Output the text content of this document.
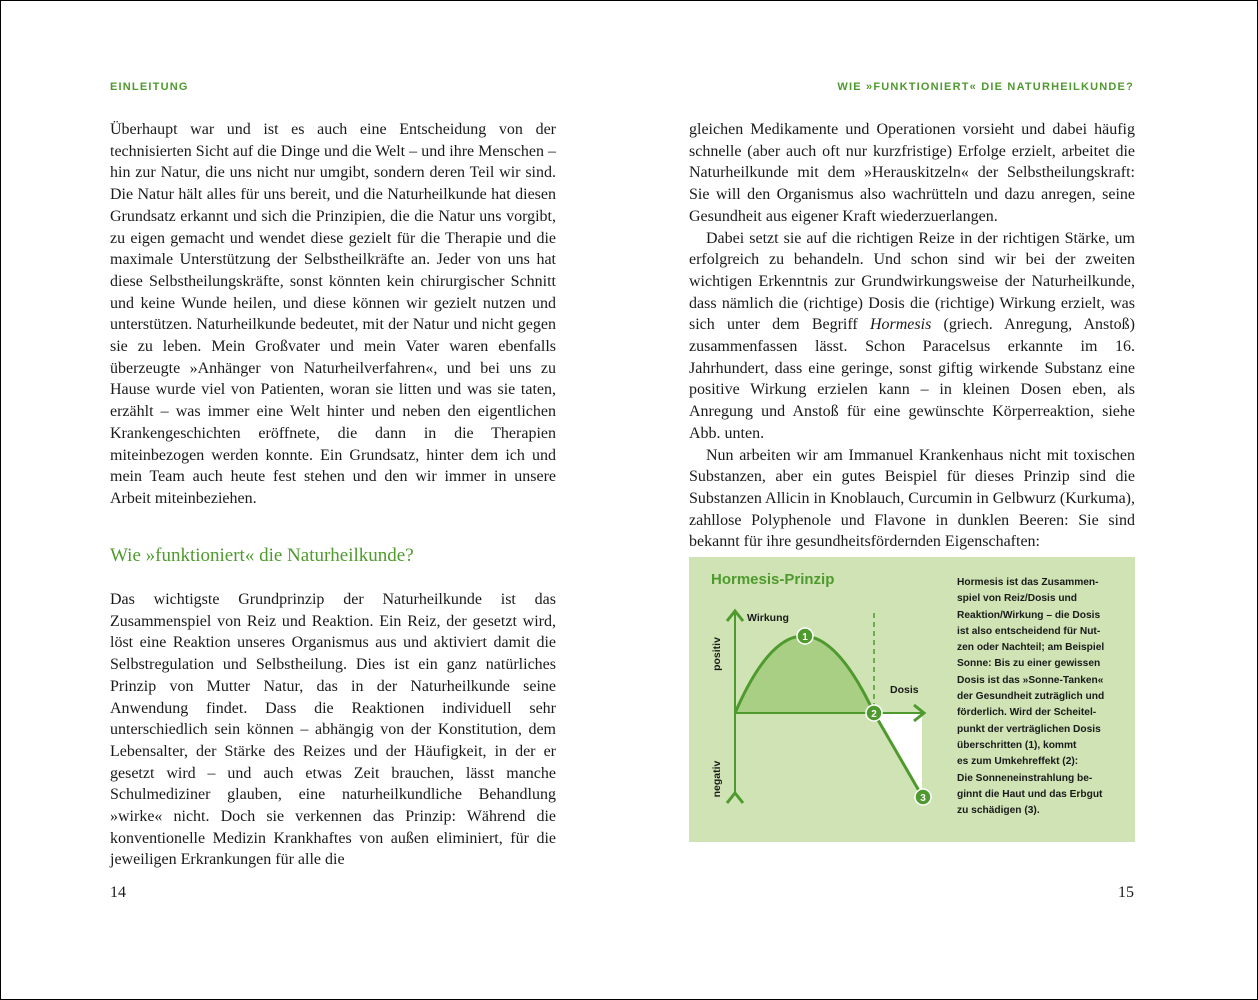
EINLEITUNG	WIE »FUNKTIONIERT« DIE NATURHEILKUNDE?

Überhaupt war und ist es auch eine Entscheidung von der technisierten Sicht auf die Dinge und die Welt – und ihre Menschen – hin zur Natur, die uns nicht nur umgibt, sondern deren Teil wir sind. Die Natur hält alles für uns bereit, und die Naturheilkunde hat diesen Grundsatz erkannt und sich die Prinzipien, die die Natur uns vorgibt, zu eigen gemacht und wendet diese gezielt für die Therapie und die maximale Unterstützung der Selbstheilkräfte an. Jeder von uns hat diese Selbstheilungskräfte, sonst könnten kein chirurgischer Schnitt und keine Wunde heilen, und diese können wir gezielt nutzen und unterstützen. Naturheilkunde bedeutet, mit der Natur und nicht gegen sie zu leben. Mein Großvater und mein Vater waren ebenfalls überzeugte »Anhänger von Naturheilverfahren«, und bei uns zu Hause wurde viel von Patienten, woran sie litten und was sie taten, erzählt – was immer eine Welt hinter und neben den eigentlichen Krankengeschichten eröffnete, die dann in die Therapien miteinbezogen werden konnte. Ein Grundsatz, hinter dem ich und mein Team auch heute fest stehen und den wir immer in unsere Arbeit miteinbeziehen.

Wie »funktioniert« die Naturheilkunde?

Das wichtigste Grundprinzip der Naturheilkunde ist das Zusammenspiel von Reiz und Reaktion. Ein Reiz, der gesetzt wird, löst eine Reaktion unseres Organismus aus und aktiviert damit die Selbstregulation und Selbstheilung. Dies ist ein ganz natürliches Prinzip von Mutter Natur, das in der Naturheilkunde seine Anwendung findet. Dass die Reaktionen individuell sehr unterschiedlich sein können – abhängig von der Konstitution, dem Lebensalter, der Stärke des Reizes und der Häufigkeit, in der er gesetzt wird – und auch etwas Zeit brauchen, lässt manche Schulmediziner glauben, eine naturheilkundliche Behandlung »wirke« nicht. Doch sie verkennen das Prinzip: Während die konventionelle Medizin Krankhaftes von außen eliminiert, für die jeweiligen Erkrankungen für alle die

gleichen Medikamente und Operationen vorsieht und dabei häufig schnelle (aber auch oft nur kurzfristige) Erfolge erzielt, arbeitet die Naturheilkunde mit dem »Herauskitzeln« der Selbstheilungskraft: Sie will den Organismus also wachrütteln und dazu anregen, seine Gesundheit aus eigener Kraft wiederzuerlangen.

Dabei setzt sie auf die richtigen Reize in der richtigen Stärke, um erfolgreich zu behandeln. Und schon sind wir bei der zweiten wichtigen Erkenntnis zur Grundwirkungsweise der Naturheilkunde, dass nämlich die (richtige) Dosis die (richtige) Wirkung erzielt, was sich unter dem Begriff Hormesis (griech. Anregung, Anstoß) zusammenfassen lässt. Schon Paracelsus erkannte im 16. Jahrhundert, dass eine geringe, sonst giftig wirkende Substanz eine positive Wirkung erzielen kann – in kleinen Dosen eben, als Anregung und Anstoß für eine gewünschte Körperreaktion, siehe Abb. unten.

Nun arbeiten wir am Immanuel Krankenhaus nicht mit toxischen Substanzen, aber ein gutes Beispiel für dieses Prinzip sind die Substanzen Allicin in Knoblauch, Curcumin in Gelbwurz (Kurkuma), zahllose Polyphenole und Flavone in dunklen Beeren: Sie sind bekannt für ihre gesundheitsfördernden Eigenschaften:

Hormesis-Prinzip
1
2
3
Wirkung
Dosis
positiv
negativ

Hormesis ist das Zusammen-

spiel von Reiz/Dosis und

Reaktion/Wirkung – die Dosis

ist also entscheidend für Nut-

zen oder Nachteil; am Beispiel

Sonne: Bis zu einer gewissen

Dosis ist das »Sonne-Tanken«

der Gesundheit zuträglich und

förderlich. Wird der Scheitel-

punkt der verträglichen Dosis

überschritten (1), kommt

es zum Umkehreffekt (2):

Die Sonneneinstrahlung be-

ginnt die Haut und das Erbgut

zu schädigen (3).

14	15
